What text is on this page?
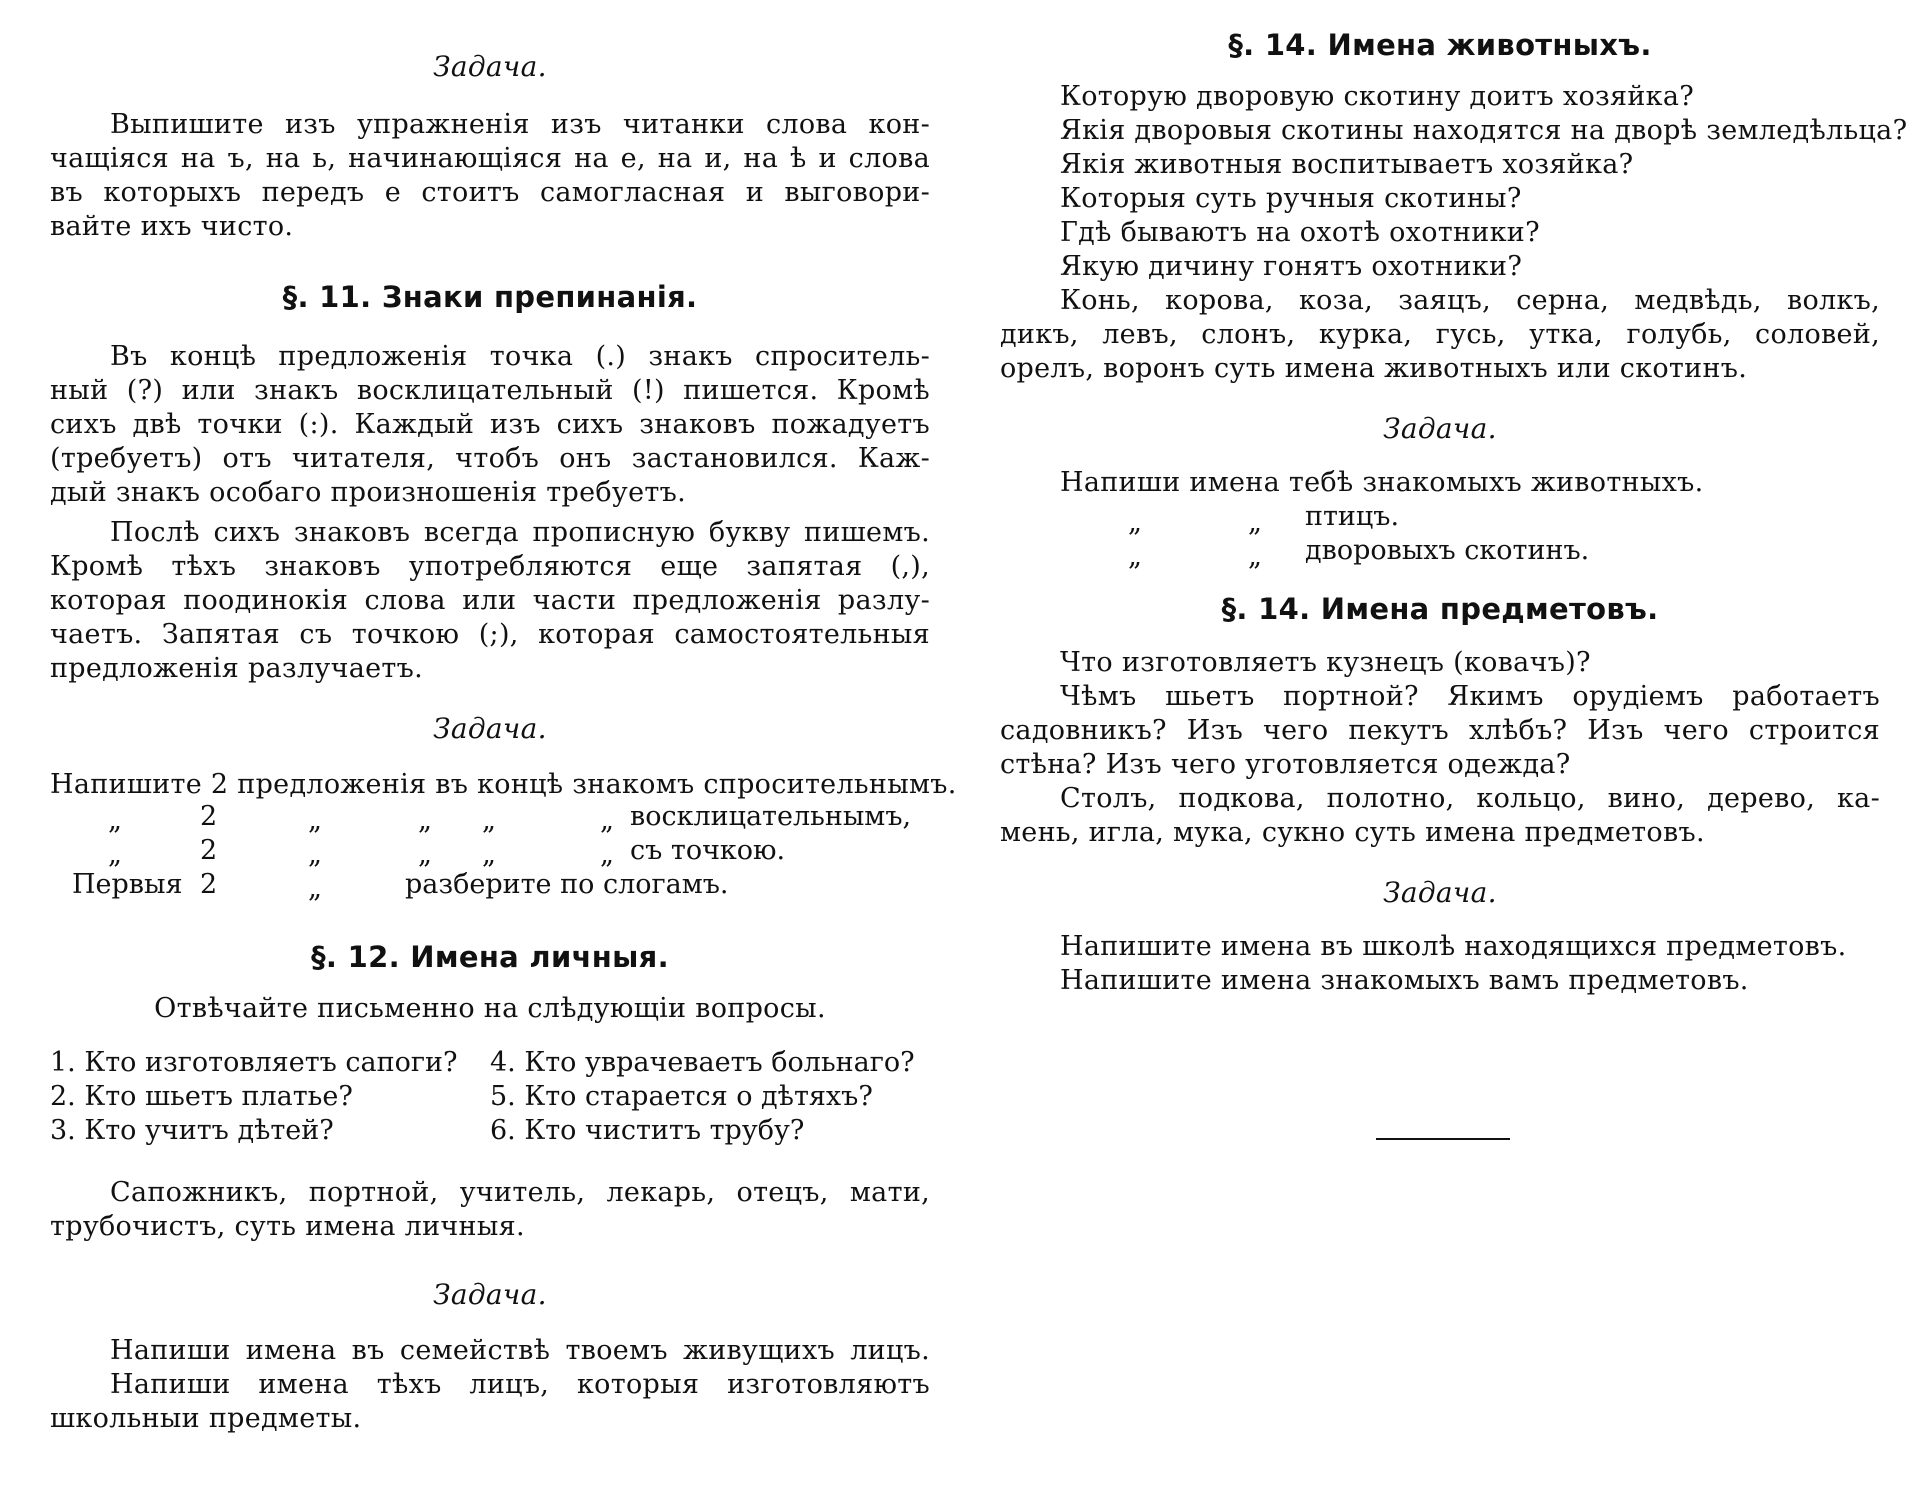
Задача.
Выпишите изъ упражненія изъ читанки слова кон-
чащіяся на ъ, на ь, начинающіяся на е, на и, на ѣ и слова
въ которыхъ передъ е стоитъ самогласная и выговори-
вайте ихъ чисто.
§. 11. Знаки препинанія.
Въ концѣ предложенія точка (.) знакъ спроситель-
ный (?) или знакъ восклицательный (!) пишется. Кромѣ
сихъ двѣ точки (:). Каждый изъ сихъ знаковъ пожадуетъ
(требуетъ) отъ читателя, чтобъ онъ застановился. Каж-
дый знакъ особаго произношенія требуетъ.
Послѣ сихъ знаковъ всегда прописную букву пишемъ.
Кромѣ тѣхъ знаковъ употребляются еще запятая (,),
которая поодинокія слова или части предложенія разлу-
чаетъ. Запятая съ точкою (;), которая самостоятельныя
предложенія разлучаетъ.
Задача.
Напишите 2 предложенія въ концѣ знакомъ спросительнымъ.
„	2	„	„ „	„ восклицательнымъ,
„	2	„	„ „	„ съ точкою.
Первыя 2	„	разберите по слогамъ.
§. 12. Имена личныя.
Отвѣчайте письменно на слѣдующіи вопросы.
1. Кто изготовляетъ сапоги? 4. Кто увpачеваетъ больнаго?
2. Кто шьетъ платье?	5. Кто старается о дѣтяхъ?
3. Кто учитъ дѣтей?	6. Кто чиститъ трубу?
Сапожникъ, портной, учитель, лекарь, отецъ, мати,
трубочистъ, суть имена личныя.
Задача.
Напиши имена въ семействѣ твоемъ живущихъ лицъ.
Напиши имена тѣхъ лицъ, которыя изготовляютъ
школьныи предметы.
§. 14. Имена животныхъ.
Которую дворовую скотину доитъ хозяйка?
Якія дворовыя скотины находятся на дворѣ земледѣльца?
Якія животныя воспитываетъ хозяйка?
Которыя суть ручныя скотины?
Гдѣ бываютъ на охотѣ охотники?
Якую дичину гонятъ охотники?
Конь, корова, коза, заяцъ, серна, медвѣдь, волкъ,
дикъ, левъ, слонъ, курка, гусь, утка, голубь, соловей,
орелъ, воронъ суть имена животныхъ или скотинъ.
Задача.
Напиши имена тебѣ знакомыхъ животныхъ.
„	„ птицъ.
„	„ дворовыхъ скотинъ.
§. 14. Имена предметовъ.
Что изготовляетъ кузнецъ (ковачъ)?
Чѣмъ шьетъ портной? Якимъ орудіемъ работаетъ
садовникъ? Изъ чего пекутъ хлѣбъ? Изъ чего строится
стѣна? Изъ чего уготовляется одежда?
Столъ, подкова, полотно, кольцо, вино, дерево, ка-
мень, игла, мука, сукно суть имена предметовъ.
Задача.
Напишите имена въ школѣ находящихся предметовъ.
Напишите имена знакомыхъ вамъ предметовъ.
